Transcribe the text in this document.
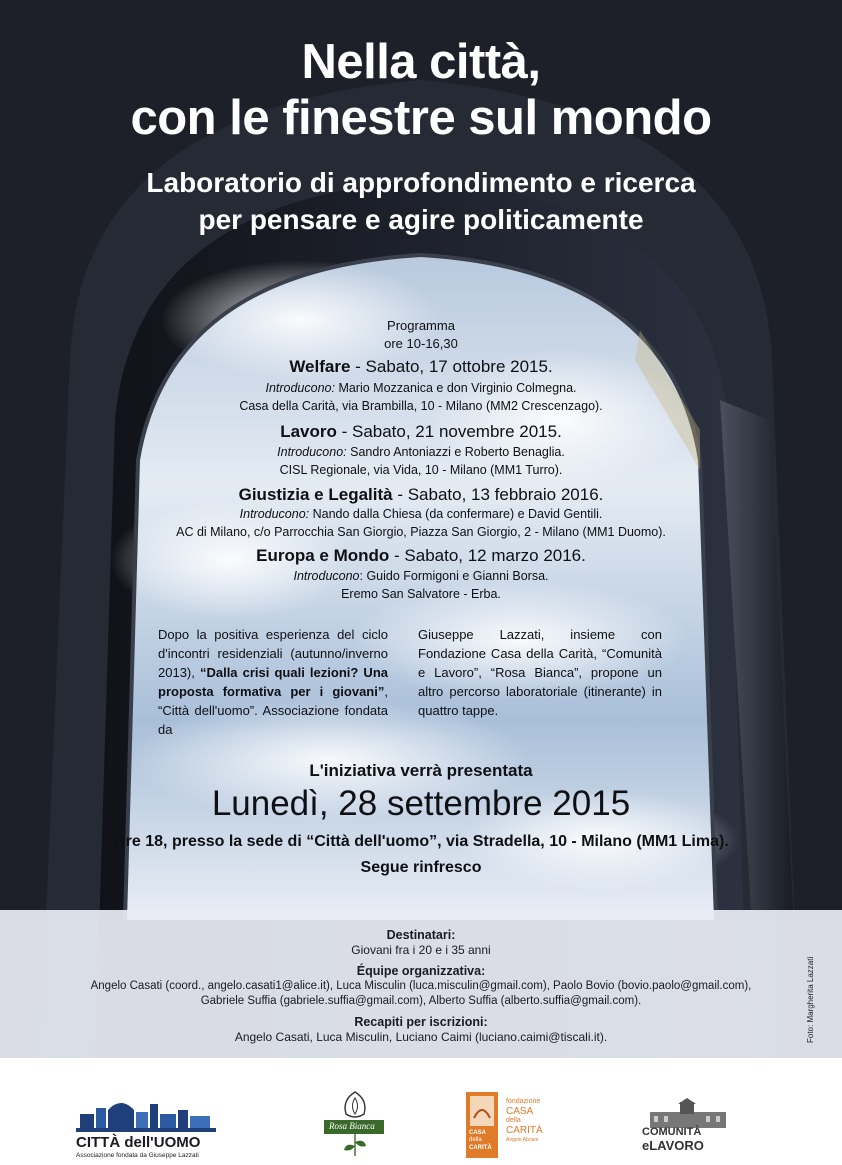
Nella città,
con le finestre sul mondo
Laboratorio di approfondimento e ricerca
per pensare e agire politicamente
Programma
ore 10-16,30
Welfare - Sabato, 17 ottobre 2015.
Introducono: Mario Mozzanica e don Virginio Colmegna.
Casa della Carità, via Brambilla, 10 - Milano (MM2 Crescenzago).
Lavoro - Sabato, 21 novembre 2015.
Introducono: Sandro Antoniazzi e Roberto Benaglia.
CISL Regionale, via Vida, 10 - Milano (MM1 Turro).
Giustizia e Legalità - Sabato, 13 febbraio 2016.
Introducono: Nando dalla Chiesa (da confermare) e David Gentili.
AC di Milano, c/o Parrocchia San Giorgio, Piazza San Giorgio, 2 - Milano (MM1 Duomo).
Europa e Mondo - Sabato, 12 marzo 2016.
Introducono: Guido Formigoni e Gianni Borsa.
Eremo San Salvatore - Erba.
Dopo la positiva esperienza del ciclo d'incontri residenziali (autunno/inverno 2013), “Dalla crisi quali lezioni? Una proposta formativa per i giovani”, “Città dell'uomo”. Associazione fondata da
Giuseppe Lazzati, insieme con Fondazione Casa della Carità, “Comunità e Lavoro”, “Rosa Bianca”, propone un altro percorso laboratoriale (itinerante) in quattro tappe.
L'iniziativa verrà presentata
Lunedì, 28 settembre 2015
Ore 18, presso la sede di “Città dell'uomo”, via Stradella, 10 - Milano (MM1 Lima).
Segue rinfresco
Destinatari:
Giovani fra i 20 e i 35 anni
Équipe organizzativa:
Angelo Casati (coord., angelo.casati1@alice.it), Luca Misculin (luca.misculin@gmail.com), Paolo Bovio (bovio.paolo@gmail.com),
Gabriele Suffia (gabriele.suffia@gmail.com), Alberto Suffia (alberto.suffia@gmail.com).
Recapiti per iscrizioni:
Angelo Casati, Luca Misculin, Luciano Caimi (luciano.caimi@tiscali.it).	Foto: Margherita Lazzati
CITTÀ dell'UOMO
Associazione fondata da Giuseppe Lazzati
Rosa Bianca
CASA
della
CARITÀ
fondazione
CASA
della
CARITÀ
Angelo Abriani
COMUNITÀ
eLAVORO
